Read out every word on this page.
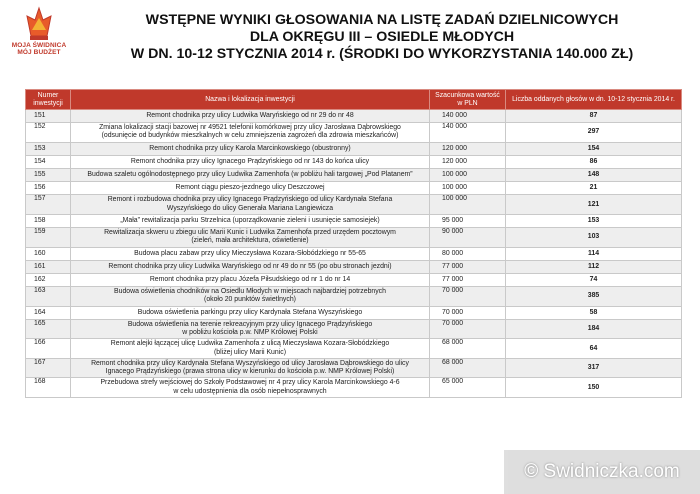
MOJA ŚWIDNICA
MÓJ BUDŻET
WSTĘPNE WYNIKI GŁOSOWANIA NA LISTĘ ZADAŃ DZIELNICOWYCH
DLA OKRĘGU III – OSIEDLE MŁODYCH
W DN. 10-12 STYCZNIA 2014 r. (ŚRODKI DO WYKORZYSTANIA 140.000 ZŁ)
Numer inwestycji	Nazwa i lokalizacja inwestycji	Szacunkowa wartość w PLN	Liczba oddanych głosów w dn. 10-12 stycznia 2014 r.
151	Remont chodnika przy ulicy Ludwika Waryńskiego od nr 29 do nr 48	140 000	87
152	Zmiana lokalizacji stacji bazowej nr 49521 telefonii komórkowej przy ulicy Jarosława Dąbrowskiego
(odsunięcie od budynków mieszkalnych w celu zmniejszenia zagrożeń dla zdrowia mieszkańców)	140 000	297
153	Remont chodnika przy ulicy Karola Marcinkowskiego (obustronny)	120 000	154
154	Remont chodnika przy ulicy Ignacego Prądzyńskiego od nr 143 do końca ulicy	120 000	86
155	Budowa szaletu ogólnodostępnego przy ulicy Ludwika Zamenhofa (w pobliżu hali targowej „Pod Platanem”	100 000	148
156	Remont ciągu pieszo-jezdnego ulicy Deszczowej	100 000	21
157	Remont i rozbudowa chodnika przy ulicy Ignacego Prądzyńskiego od ulicy Kardynała Stefana
Wyszyńskiego do ulicy Generała Mariana Langiewicza	100 000	121
158	„Mała” rewitalizacja parku Strzelnica (uporządkowanie zieleni i usunięcie samosiejek)	95 000	153
159	Rewitalizacja skweru u zbiegu ulic Marii Kunic i Ludwika Zamenhofa przed urzędem pocztowym
(zieleń, mała architektura, oświetlenie)	90 000	103
160	Budowa placu zabaw przy ulicy Mieczysława Kozara-Słobódzkiego nr 55-65	80 000	114
161	Remont chodnika przy ulicy Ludwika Waryńskiego od nr 49 do nr 55 (po obu stronach jezdni)	77 000	112
162	Remont chodnika przy placu Józefa Piłsudskiego od nr 1 do nr 14	77 000	74
163	Budowa oświetlenia chodników na Osiedlu Młodych w miejscach najbardziej potrzebnych
(około 20 punktów świetlnych)	70 000	385
164	Budowa oświetlenia parkingu przy ulicy Kardynała Stefana Wyszyńskiego	70 000	58
165	Budowa oświetlenia na terenie rekreacyjnym przy ulicy Ignacego Prądzyńskiego
w pobliżu kościoła p.w. NMP Królowej Polski	70 000	184
166	Remont alejki łączącej ulicę Ludwika Zamenhofa z ulicą Mieczysława Kozara-Słobódzkiego
(bliżej ulicy Marii Kunic)	68 000	64
167	Remont chodnika przy ulicy Kardynała Stefana Wyszyńskiego od ulicy Jarosława Dąbrowskiego do ulicy
Ignacego Prądzyńskiego (prawa strona ulicy w kierunku do kościoła p.w. NMP Królowej Polski)	68 000	317
168	Przebudowa strefy wejściowej do Szkoły Podstawowej nr 4 przy ulicy Karola Marcinkowskiego 4-6
w celu udostępnienia dla osób niepełnosprawnych	65 000	150
© Swidniczka.com
